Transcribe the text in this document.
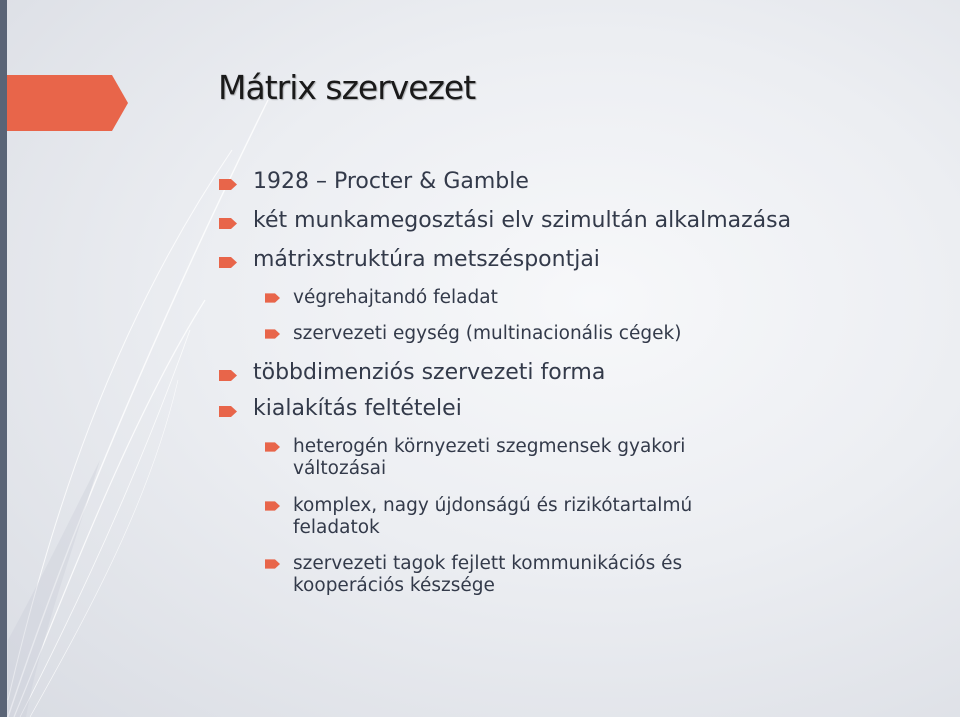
Mátrix szervezet
1928 – Procter & Gamble
két munkamegosztási elv szimultán alkalmazása
mátrixstruktúra metszéspontjai
végrehajtandó feladat
szervezeti egység (multinacionális cégek)
többdimenziós szervezeti forma
kialakítás feltételei
heterogén környezeti szegmensek gyakori
változásai
komplex, nagy újdonságú és rizikótartalmú
feladatok
szervezeti tagok fejlett kommunikációs és
kooperációs készsége
